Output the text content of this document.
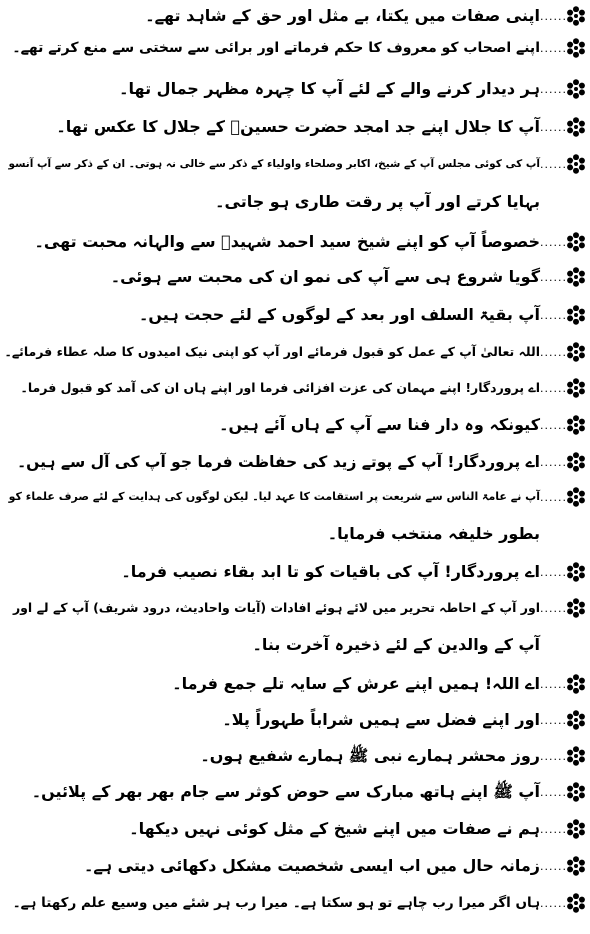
......
اپنی صفات میں یکتا، بے مثل اور حق کے شاہد تھے۔
......
اپنے اصحاب کو معروف کا حکم فرماتے اور برائی سے سختی سے منع کرتے تھے۔
......
ہر دیدار کرنے والے کے لئے آپ کا چہرہ مظہر جمال تھا۔
......
آپ کا جلال اپنے جد امجد حضرت حسینؓ کے جلال کا عکس تھا۔
......
آپ کی کوئی مجلس آپ کے شیخ، اکابر وصلحاء واولیاء کے ذکر سے خالی نہ ہوتی۔ ان کے ذکر سے آپ آنسو
بہایا کرتے اور آپ پر رقت طاری ہو جاتی۔
......
خصوصاً آپ کو اپنے شیخ سید احمد شہیدؒ سے والہانہ محبت تھی۔
......
گویا شروع ہی سے آپ کی نمو ان کی محبت سے ہوئی۔
......
آپ بقیۃ السلف اور بعد کے لوگوں کے لئے حجت ہیں۔
......
اللہ تعالیٰ آپ کے عمل کو قبول فرمائے اور آپ کو اپنی نیک امیدوں کا صلہ عطاء فرمائے۔
......
اے پروردگار! اپنے مہمان کی عزت افزائی فرما اور اپنے ہاں ان کی آمد کو قبول فرما۔
......
کیونکہ وہ دار فنا سے آپ کے ہاں آئے ہیں۔
......
اے پروردگار! آپ کے پوتے زید کی حفاظت فرما جو آپ کی آل سے ہیں۔
......
آپ نے عامۃ الناس سے شریعت پر استقامت کا عہد لیا۔ لیکن لوگوں کی ہدایت کے لئے صرف علماء کو
بطور خلیفہ منتخب فرمایا۔
......
اے پروردگار! آپ کی باقیات کو تا ابد بقاء نصیب فرما۔
......
اور آپ کے احاطہ تحریر میں لائے ہوئے افادات (آیات واحادیث، درود شریف) آپ کے لے اور
آپ کے والدین کے لئے ذخیرہ آخرت بنا۔
......
اے اللہ! ہمیں اپنے عرش کے سایہ تلے جمع فرما۔
......
اور اپنے فضل سے ہمیں شراباً طہوراً پلا۔
......
روز محشر ہمارے نبی ﷺ ہمارے شفیع ہوں۔
......
آپ ﷺ اپنے ہاتھ مبارک سے حوض کوثر سے جام بھر بھر کے پلائیں۔
......
ہم نے صفات میں اپنے شیخ کے مثل کوئی نہیں دیکھا۔
......
زمانہ حال میں اب ایسی شخصیت مشکل دکھائی دیتی ہے۔
......
ہاں اگر میرا رب چاہے تو ہو سکتا ہے۔ میرا رب ہر شئے میں وسیع علم رکھتا ہے۔
